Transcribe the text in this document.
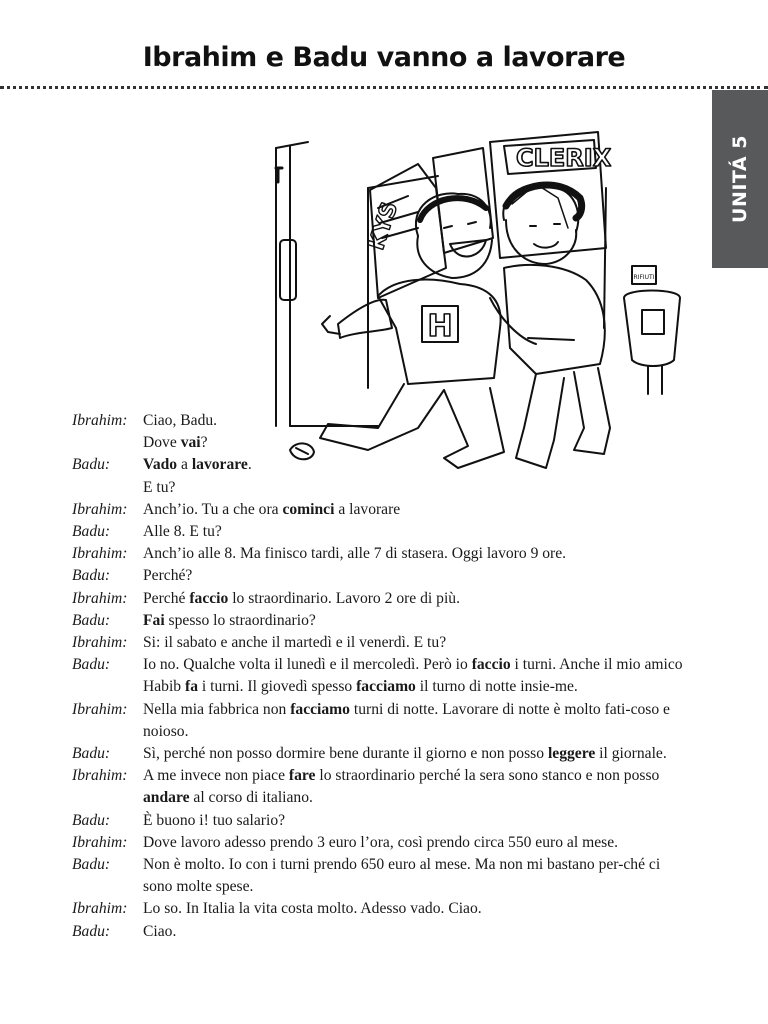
Ibrahim e Badu vanno a lavorare
UNITÁ 5
KYS
CLERIX
H
RIFIUTI
Ibrahim: Ciao, Badu.
Dove vai?
Badu: Vado a lavorare.
E tu?
Ibrahim: Anch’io. Tu a che ora cominci a lavorare
Badu: Alle 8. E tu?
Ibrahim: Anch’io alle 8. Ma finisco tardi, alle 7 di stasera. Oggi lavoro 9 ore.
Badu: Perché?
Ibrahim: Perché faccio lo straordinario. Lavoro 2 ore di più.
Badu: Fai spesso lo straordinario?
Ibrahim: Si: il sabato e anche il martedì e il venerdì. E tu?
Badu: Io no. Qualche volta il lunedì e il mercoledì. Però io faccio i turni. Anche il mio amico Habib fa i turni. Il giovedì spesso facciamo il turno di notte insie-me.
Ibrahim: Nella mia fabbrica non facciamo turni di notte. Lavorare di notte è molto fati-coso e noioso.
Badu: Sì, perché non posso dormire bene durante il giorno e non posso leggere il giornale.
Ibrahim: A me invece non piace fare lo straordinario perché la sera sono stanco e non posso andare al corso di italiano.
Badu: È buono i! tuo salario?
Ibrahim: Dove lavoro adesso prendo 3 euro l’ora, così prendo circa 550 euro al mese.
Badu: Non è molto. Io con i turni prendo 650 euro al mese. Ma non mi bastano per-ché ci sono molte spese.
Ibrahim: Lo so. In Italia la vita costa molto. Adesso vado. Ciao.
Badu: Ciao.
